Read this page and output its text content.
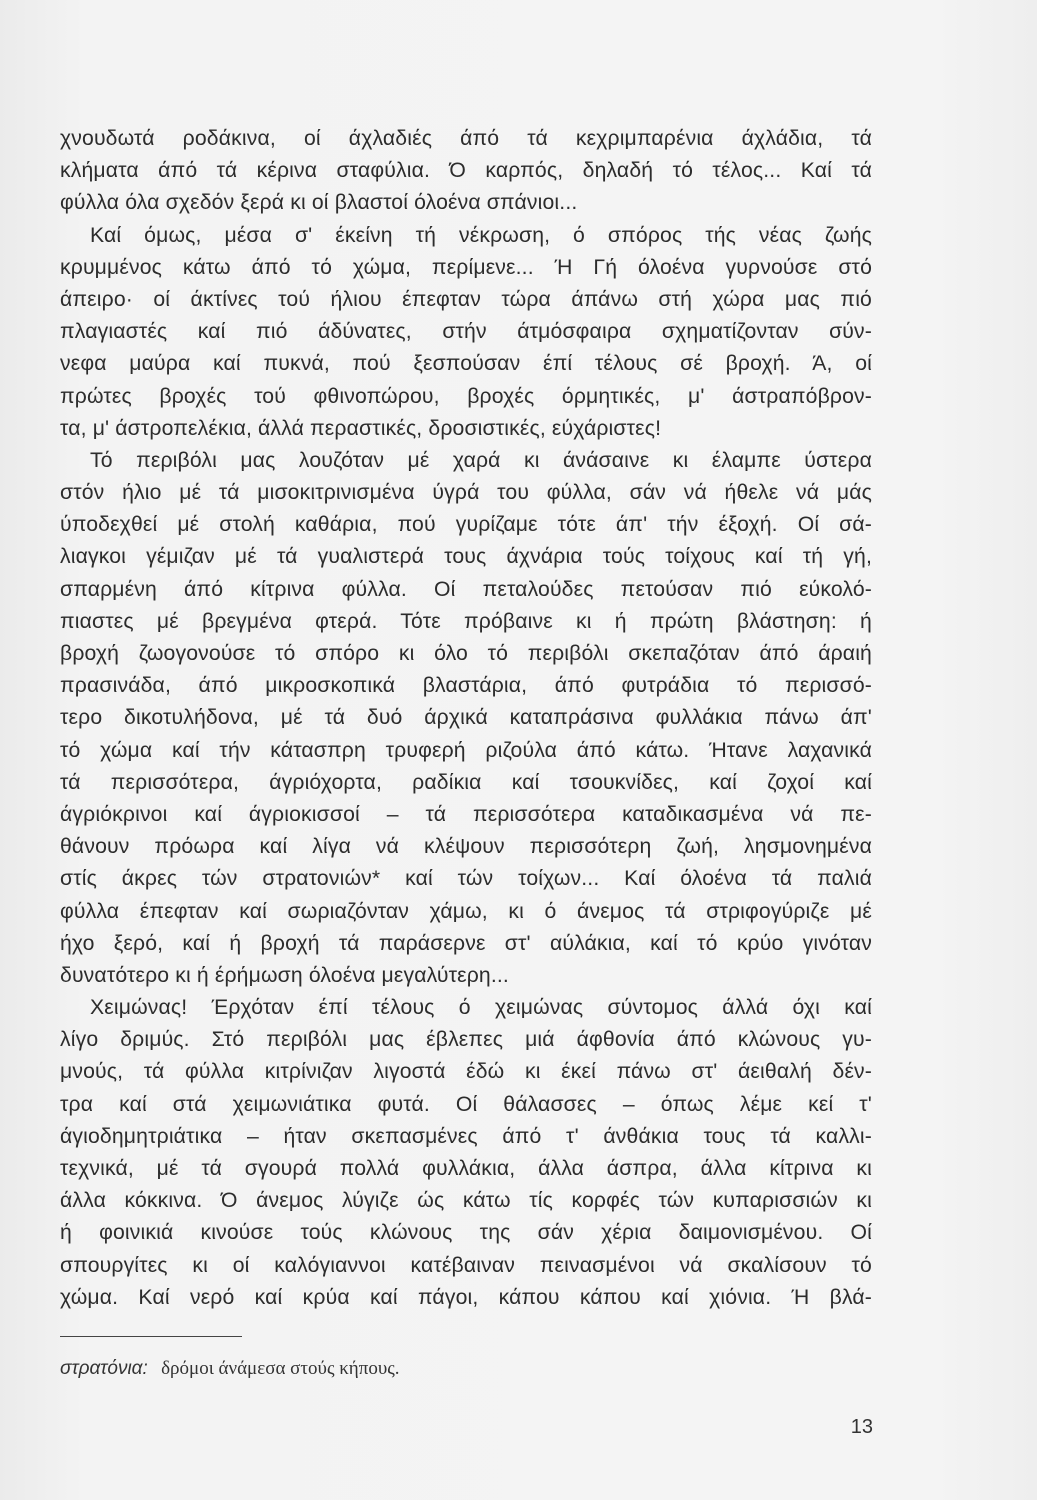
χνουδωτά ροδάκινα, οί άχλαδιές άπό τά κεχριμπαρένια άχλάδια, τά
κλήματα άπό τά κέρινα σταφύλια. Ό καρπός, δηλαδή τό τέλος... Καί τά
φύλλα όλα σχεδόν ξερά κι οί βλαστοί όλοένα σπάνιοι...
Καί όμως, μέσα σ' έκείνη τή νέκρωση, ό σπόρος τής νέας ζωής
κρυμμένος κάτω άπό τό χώμα, περίμενε... Ή Γή όλοένα γυρνούσε στό
άπειρο· οί άκτίνες τού ήλιου έπεφταν τώρα άπάνω στή χώρα μας πιό
πλαγιαστές καί πιό άδύνατες, στήν άτμόσφαιρα σχηματίζονταν σύν-
νεφα μαύρα καί πυκνά, πού ξεσπούσαν έπί τέλους σέ βροχή. Ά, οί
πρώτες βροχές τού φθινοπώρου, βροχές όρμητικές, μ' άστραπόβρον-
τα, μ' άστροπελέκια, άλλά περαστικές, δροσιστικές, εύχάριστες!
Τό περιβόλι μας λουζόταν μέ χαρά κι άνάσαινε κι έλαμπε ύστερα
στόν ήλιο μέ τά μισοκιτρινισμένα ύγρά του φύλλα, σάν νά ήθελε νά μάς
ύποδεχθεί μέ στολή καθάρια, πού γυρίζαμε τότε άπ' τήν έξοχή. Οί σά-
λιαγκοι γέμιζαν μέ τά γυαλιστερά τους άχνάρια τούς τοίχους καί τή γή,
σπαρμένη άπό κίτρινα φύλλα. Οί πεταλούδες πετούσαν πιό εύκολό-
πιαστες μέ βρεγμένα φτερά. Τότε πρόβαινε κι ή πρώτη βλάστηση: ή
βροχή ζωογονούσε τό σπόρο κι όλο τό περιβόλι σκεπαζόταν άπό άραιή
πρασινάδα, άπό μικροσκοπικά βλαστάρια, άπό φυτράδια τό περισσό-
τερο δικοτυλήδονα, μέ τά δυό άρχικά καταπράσινα φυλλάκια πάνω άπ'
τό χώμα καί τήν κάτασπρη τρυφερή ριζούλα άπό κάτω. Ήτανε λαχανικά
τά περισσότερα, άγριόχορτα, ραδίκια καί τσουκνίδες, καί ζοχοί καί
άγριόκρινοι καί άγριοκισσοί – τά περισσότερα καταδικασμένα νά πε-
θάνουν πρόωρα καί λίγα νά κλέψουν περισσότερη ζωή, λησμονημένα
στίς άκρες τών στρατονιών* καί τών τοίχων... Καί όλοένα τά παλιά
φύλλα έπεφταν καί σωριαζόνταν χάμω, κι ό άνεμος τά στριφογύριζε μέ
ήχο ξερό, καί ή βροχή τά παράσερνε στ' αύλάκια, καί τό κρύο γινόταν
δυνατότερο κι ή έρήμωση όλοένα μεγαλύτερη...
Χειμώνας! Έρχόταν έπί τέλους ό χειμώνας σύντομος άλλά όχι καί
λίγο δριμύς. Στό περιβόλι μας έβλεπες μιά άφθονία άπό κλώνους γυ-
μνούς, τά φύλλα κιτρίνιζαν λιγοστά έδώ κι έκεί πάνω στ' άειθαλή δέν-
τρα καί στά χειμωνιάτικα φυτά. Οί θάλασσες – όπως λέμε κεί τ'
άγιοδημητριάτικα – ήταν σκεπασμένες άπό τ' άνθάκια τους τά καλλι-
τεχνικά, μέ τά σγουρά πολλά φυλλάκια, άλλα άσπρα, άλλα κίτρινα κι
άλλα κόκκινα. Ό άνεμος λύγιζε ώς κάτω τίς κορφές τών κυπαρισσιών κι
ή φοινικιά κινούσε τούς κλώνους της σάν χέρια δαιμονισμένου. Οί
σπουργίτες κι οί καλόγιαννοι κατέβαιναν πεινασμένοι νά σκαλίσουν τό
χώμα. Καί νερό καί κρύα καί πάγοι, κάπου κάπου καί χιόνια. Ή βλά-
στρατόνια: δρόμοι άνάμεσα στούς κήπους.
13
